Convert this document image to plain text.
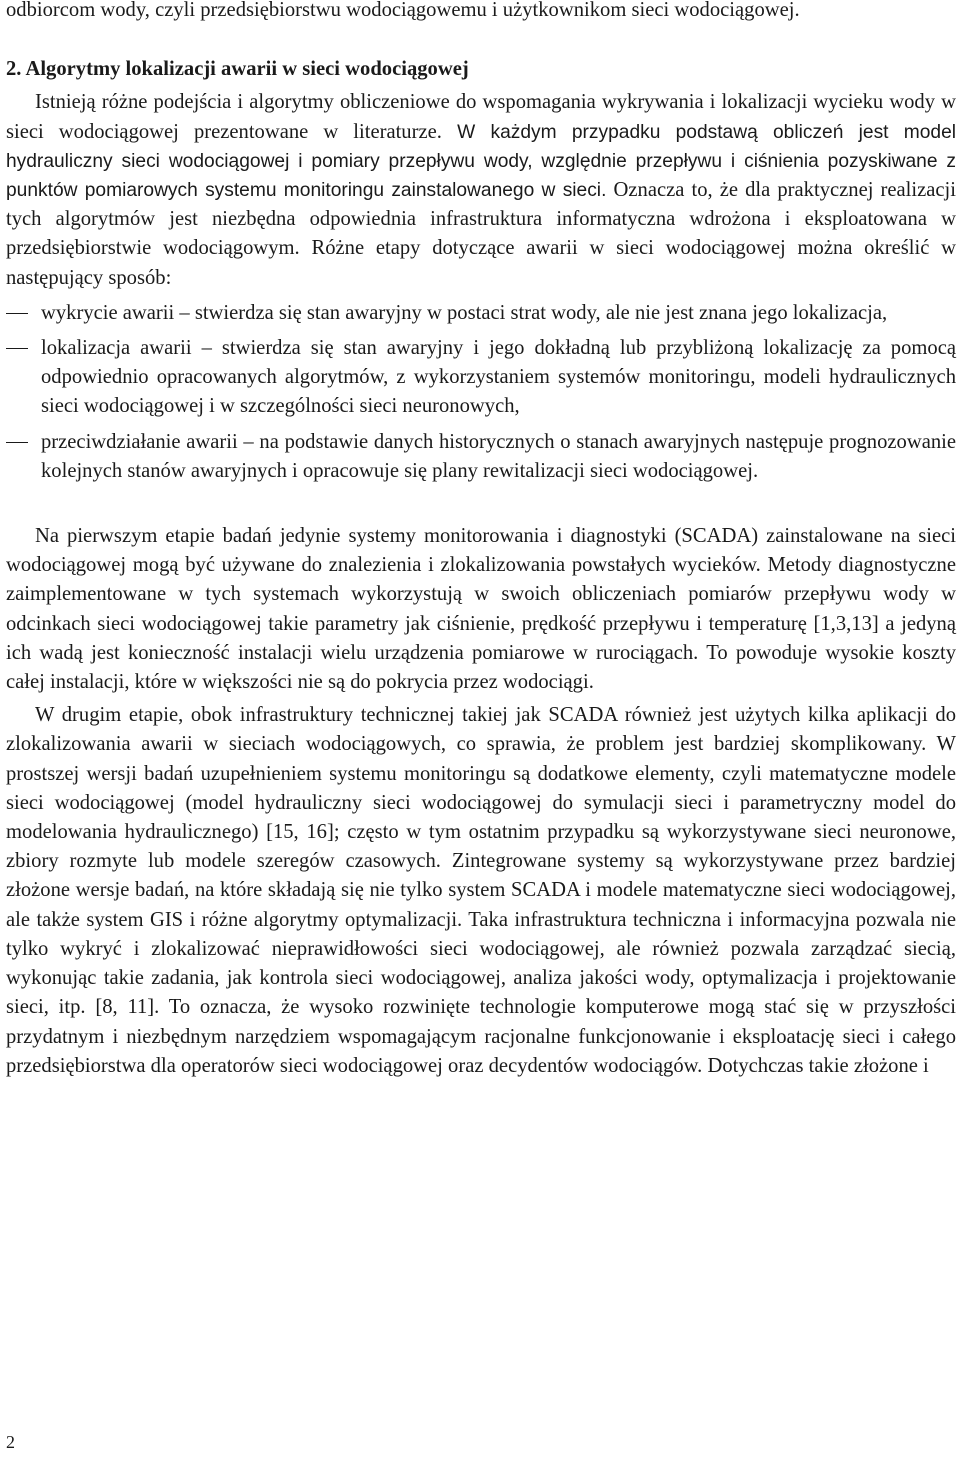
odbiorcom wody, czyli przedsiębiorstwu wodociągowemu i użytkownikom sieci wodociągowej.

2. Algorytmy lokalizacji awarii w sieci wodociągowej

Istnieją różne podejścia i algorytmy obliczeniowe do wspomagania wykrywania i lokalizacji wycieku wody w sieci wodociągowej prezentowane w literaturze. W każdym przypadku podstawą obliczeń jest model hydrauliczny sieci wodociągowej i pomiary przepływu wody, względnie przepływu i ciśnienia pozyskiwane z punktów pomiarowych systemu monitoringu zainstalowanego w sieci. Oznacza to, że dla praktycznej realizacji tych algorytmów jest niezbędna odpowiednia infrastruktura informatyczna wdrożona i eksploatowana w przedsiębiorstwie wodociągowym. Różne etapy dotyczące awarii w sieci wodociągowej można określić w następujący sposób:

wykrycie awarii – stwierdza się stan awaryjny w postaci strat wody, ale nie jest znana jego lokalizacja,
lokalizacja awarii – stwierdza się stan awaryjny i jego dokładną lub przybliżoną lokalizację za pomocą odpowiednio opracowanych algorytmów, z wykorzystaniem systemów monitoringu, modeli hydraulicznych sieci wodociągowej i w szczególności sieci neuronowych,
przeciwdziałanie awarii – na podstawie danych historycznych o stanach awaryjnych następuje prognozowanie kolejnych stanów awaryjnych i opracowuje się plany rewitalizacji sieci wodociągowej.

Na pierwszym etapie badań jedynie systemy monitorowania i diagnostyki (SCADA) zainstalowane na sieci wodociągowej mogą być używane do znalezienia i zlokalizowania powstałych wycieków. Metody diagnostyczne zaimplementowane w tych systemach wykorzystują w swoich obliczeniach pomiarów przepływu wody w odcinkach sieci wodociągowej takie parametry jak ciśnienie, prędkość przepływu i temperaturę [1,3,13] a jedyną ich wadą jest konieczność instalacji wielu urządzenia pomiarowe w rurociągach. To powoduje wysokie koszty całej instalacji, które w większości nie są do pokrycia przez wodociągi.

W drugim etapie, obok infrastruktury technicznej takiej jak SCADA również jest użytych kilka aplikacji do zlokalizowania awarii w sieciach wodociągowych, co sprawia, że problem jest bardziej skomplikowany. W prostszej wersji badań uzupełnieniem systemu monitoringu są dodatkowe elementy, czyli matematyczne modele sieci wodociągowej (model hydrauliczny sieci wodociągowej do symulacji sieci i parametryczny model do modelowania hydraulicznego) [15, 16]; często w tym ostatnim przypadku są wykorzystywane sieci neuronowe, zbiory rozmyte lub modele szeregów czasowych. Zintegrowane systemy są wykorzystywane przez bardziej złożone wersje badań, na które składają się nie tylko system SCADA i modele matematyczne sieci wodociągowej, ale także system GIS i różne algorytmy optymalizacji. Taka infrastruktura techniczna i informacyjna pozwala nie tylko wykryć i zlokalizować nieprawidłowości sieci wodociągowej, ale również pozwala zarządzać siecią, wykonując takie zadania, jak kontrola sieci wodociągowej, analiza jakości wody, optymalizacja i projektowanie sieci, itp. [8, 11]. To oznacza, że wysoko rozwinięte technologie komputerowe mogą stać się w przyszłości przydatnym i niezbędnym narzędziem wspomagającym racjonalne funkcjonowanie i eksploatację sieci i całego przedsiębiorstwa dla operatorów sieci wodociągowej oraz decydentów wodociągów. Dotychczas takie złożone i

2
